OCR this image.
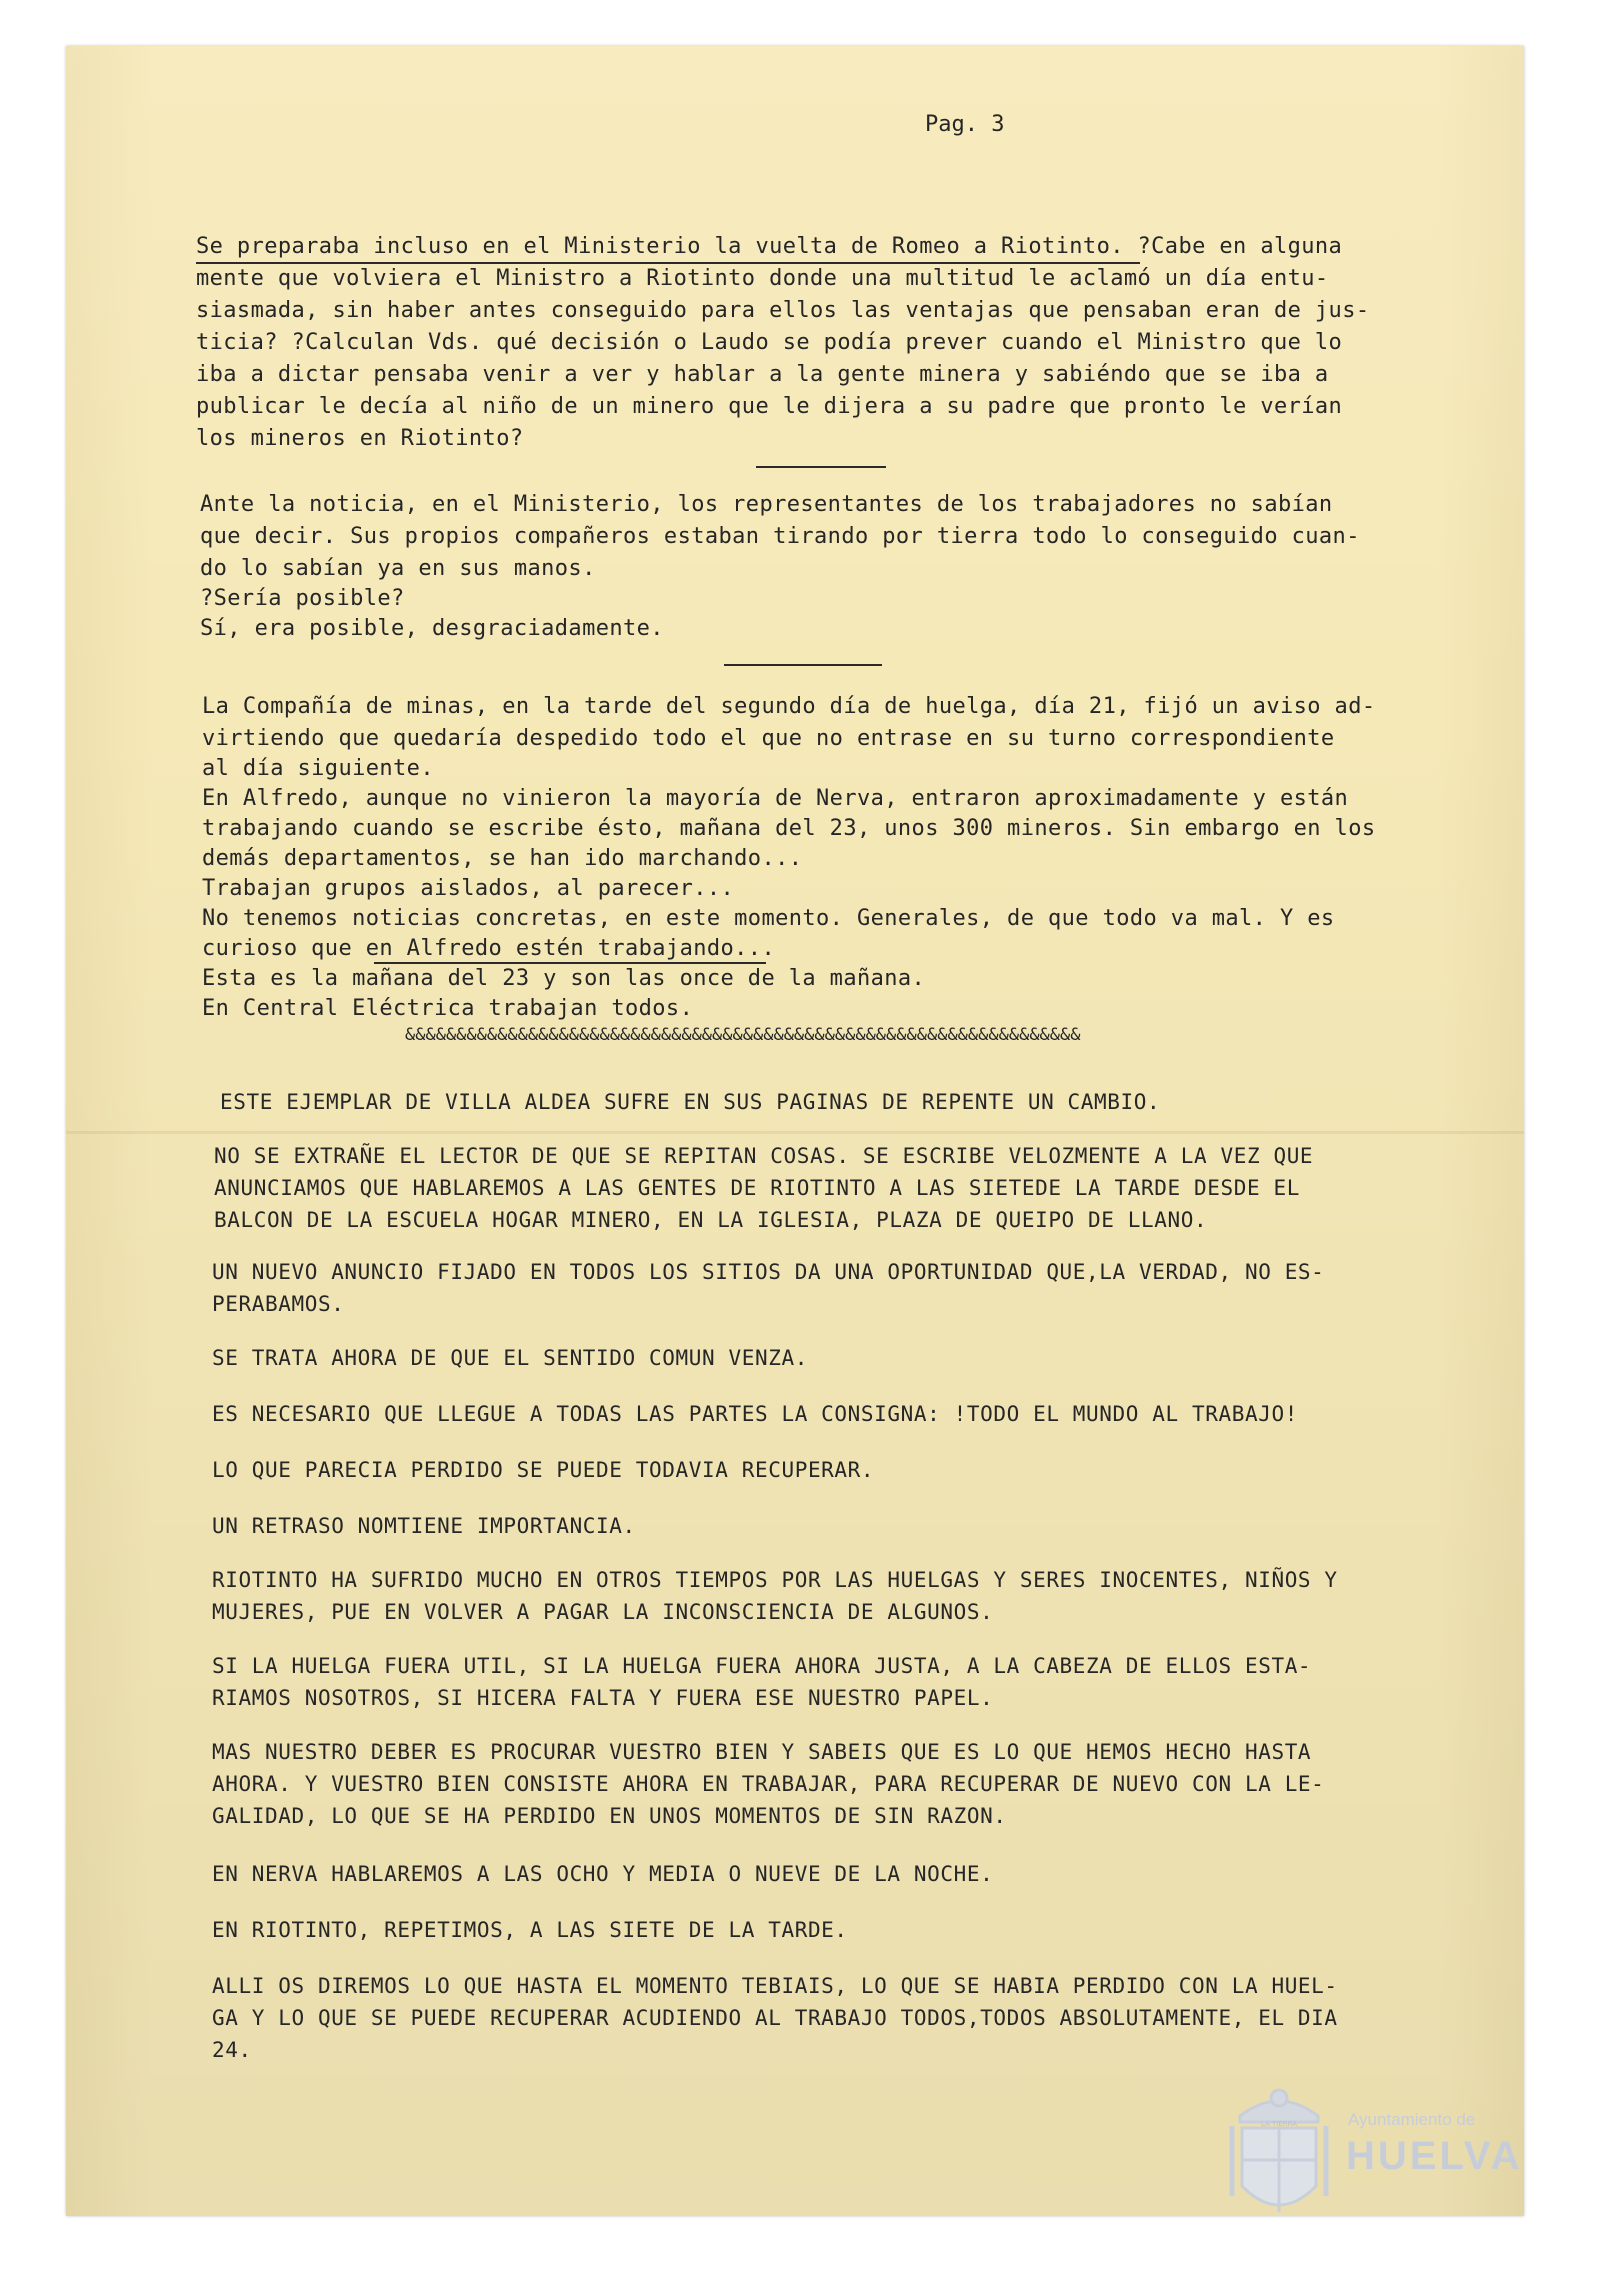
Pag. 3
Se preparaba incluso en el Ministerio la vuelta de Romeo a Riotinto. ?Cabe en alguna
mente que volviera el Ministro a Riotinto donde una multitud le aclamó un día entu-
siasmada, sin haber antes conseguido para ellos las ventajas que pensaban eran de jus-
ticia? ?Calculan Vds. qué decisión o Laudo se podía prever cuando el Ministro que lo
iba a dictar pensaba venir a ver y hablar a la gente minera y sabiéndo que se iba a
publicar le decía al niño de un minero que le dijera a su padre que pronto le verían
los mineros en Riotinto?
Ante la noticia, en el Ministerio, los representantes de los trabajadores no sabían
que decir. Sus propios compañeros estaban tirando por tierra todo lo conseguido cuan-
do lo sabían ya en sus manos.
?Sería posible?
Sí, era posible, desgraciadamente.
La Compañía de minas, en la tarde del segundo día de huelga, día 21, fijó un aviso ad-
virtiendo que quedaría despedido todo el que no entrase en su turno correspondiente
al día siguiente.
En Alfredo, aunque no vinieron la mayoría de Nerva, entraron aproximadamente y están
trabajando cuando se escribe ésto, mañana del 23, unos 300 mineros. Sin embargo en los
demás departamentos, se han ido marchando...
Trabajan grupos aislados, al parecer...
No tenemos noticias concretas, en este momento. Generales, de que todo va mal. Y es
curioso que en Alfredo estén trabajando...
Esta es la mañana del 23 y son las once de la mañana.
En Central Eléctrica trabajan todos.
&&&&&&&&&&&&&&&&&&&&&&&&&&&&&&&&&&&&&&&&&&&&&&&&&&&&&&&&&&&&&&&&&&
ESTE EJEMPLAR DE VILLA ALDEA SUFRE EN SUS PAGINAS DE REPENTE UN CAMBIO.
NO SE EXTRAÑE EL LECTOR DE QUE SE REPITAN COSAS. SE ESCRIBE VELOZMENTE A LA VEZ QUE
ANUNCIAMOS QUE HABLAREMOS A LAS GENTES DE RIOTINTO A LAS SIETEDE LA TARDE DESDE EL
BALCON DE LA ESCUELA HOGAR MINERO, EN LA IGLESIA, PLAZA DE QUEIPO DE LLANO.
UN NUEVO ANUNCIO FIJADO EN TODOS LOS SITIOS DA UNA OPORTUNIDAD QUE,LA VERDAD, NO ES-
PERABAMOS.
SE TRATA AHORA DE QUE EL SENTIDO COMUN VENZA.
ES NECESARIO QUE LLEGUE A TODAS LAS PARTES LA CONSIGNA: !TODO EL MUNDO AL TRABAJO!
LO QUE PARECIA PERDIDO SE PUEDE TODAVIA RECUPERAR.
UN RETRASO NOMTIENE IMPORTANCIA.
RIOTINTO HA SUFRIDO MUCHO EN OTROS TIEMPOS POR LAS HUELGAS Y SERES INOCENTES, NIÑOS Y
MUJERES, PUE EN VOLVER A PAGAR LA INCONSCIENCIA DE ALGUNOS.
SI LA HUELGA FUERA UTIL, SI LA HUELGA FUERA AHORA JUSTA, A LA CABEZA DE ELLOS ESTA-
RIAMOS NOSOTROS, SI HICERA FALTA Y FUERA ESE NUESTRO PAPEL.
MAS NUESTRO DEBER ES PROCURAR VUESTRO BIEN Y SABEIS QUE ES LO QUE HEMOS HECHO HASTA
AHORA. Y VUESTRO BIEN CONSISTE AHORA EN TRABAJAR, PARA RECUPERAR DE NUEVO CON LA LE-
GALIDAD, LO QUE SE HA PERDIDO EN UNOS MOMENTOS DE SIN RAZON.
EN NERVA HABLAREMOS A LAS OCHO Y MEDIA O NUEVE DE LA NOCHE.
EN RIOTINTO, REPETIMOS, A LAS SIETE DE LA TARDE.
ALLI OS DIREMOS LO QUE HASTA EL MOMENTO TEBIAIS, LO QUE SE HABIA PERDIDO CON LA HUEL-
GA Y LO QUE SE PUEDE RECUPERAR ACUDIENDO AL TRABAJO TODOS,TODOS ABSOLUTAMENTE, EL DIA
24.
LA TIERRA	Ayuntamiento de
HUELVA
